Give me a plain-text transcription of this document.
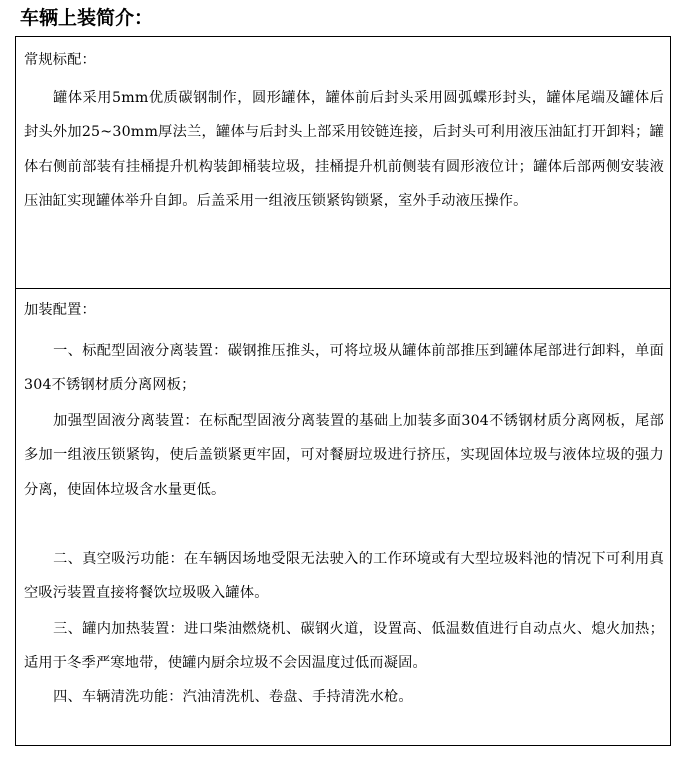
车辆上装简介：
常规标配：

罐体采用5mm优质碳钢制作，圆形罐体，罐体前后封头采用圆弧蝶形封头，罐体尾端及罐体后封头外加25~30mm厚法兰，罐体与后封头上部采用铰链连接，后封头可利用液压油缸打开卸料；罐体右侧前部装有挂桶提升机构装卸桶装垃圾，挂桶提升机前侧装有圆形液位计；罐体后部两侧安装液压油缸实现罐体举升自卸。后盖采用一组液压锁紧钩锁紧，室外手动液压操作。

加装配置：

一、标配型固液分离装置：碳钢推压推头，可将垃圾从罐体前部推压到罐体尾部进行卸料，单面304不锈钢材质分离网板；

加强型固液分离装置：在标配型固液分离装置的基础上加装多面304不锈钢材质分离网板，尾部多加一组液压锁紧钩，使后盖锁紧更牢固，可对餐厨垃圾进行挤压，实现固体垃圾与液体垃圾的强力分离，使固体垃圾含水量更低。

二、真空吸污功能：在车辆因场地受限无法驶入的工作环境或有大型垃圾料池的情况下可利用真空吸污装置直接将餐饮垃圾吸入罐体。

三、罐内加热装置：进口柴油燃烧机、碳钢火道，设置高、低温数值进行自动点火、熄火加热；适用于冬季严寒地带，使罐内厨余垃圾不会因温度过低而凝固。

四、车辆清洗功能：汽油清洗机、卷盘、手持清洗水枪。
